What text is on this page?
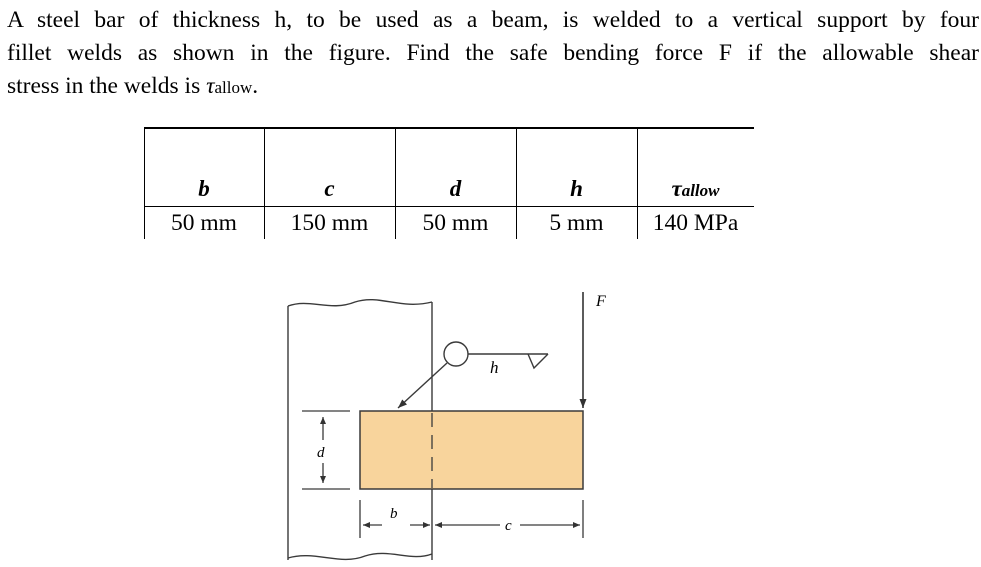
A steel bar of thickness h, to be used as a beam, is welded to a vertical support by four
fillet welds as shown in the figure. Find the safe bending force F if the allowable shear
stress in the welds is τallow.
b	c	d	h	τallow
50 mm	150 mm	50 mm	5 mm	140 MPa
h
F
d
b
c
